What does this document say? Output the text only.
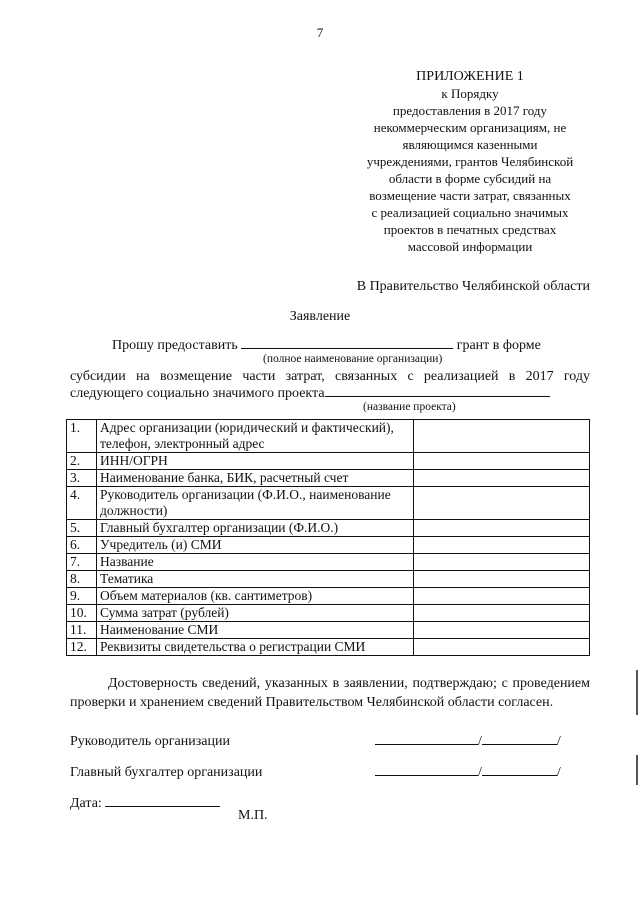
7
ПРИЛОЖЕНИЕ 1
к Порядку
предоставления в 2017 году
некоммерческим организациям, не
являющимся казенными
учреждениями, грантов Челябинской
области в форме субсидий на
возмещение части затрат, связанных
с реализацией социально значимых
проектов в печатных средствах
массовой информации
В Правительство Челябинской области
Заявление
Прошу предоставить	грант в форме
(полное наименование организации)
субсидии на возмещение части затрат, связанных с реализацией в 2017 году
следующего социально значимого проекта
(название проекта)
1.	Адрес организации (юридический и фактический), телефон, электронный адрес	
2.	ИНН/ОГРН	
3.	Наименование банка, БИК, расчетный счет	
4.	Руководитель организации (Ф.И.О., наименование должности)	
5.	Главный бухгалтер организации (Ф.И.О.)	
6.	Учредитель (и) СМИ	
7.	Название	
8.	Тематика	
9.	Объем материалов (кв. сантиметров)	
10.	Сумма затрат (рублей)	
11.	Наименование СМИ	
12.	Реквизиты свидетельства о регистрации СМИ	
Достоверность сведений, указанных в заявлении, подтверждаю; с проведением проверки и хранением сведений Правительством Челябинской области согласен.
Руководитель организации	/	/
Главный бухгалтер организации	/	/
Дата:
М.П.
